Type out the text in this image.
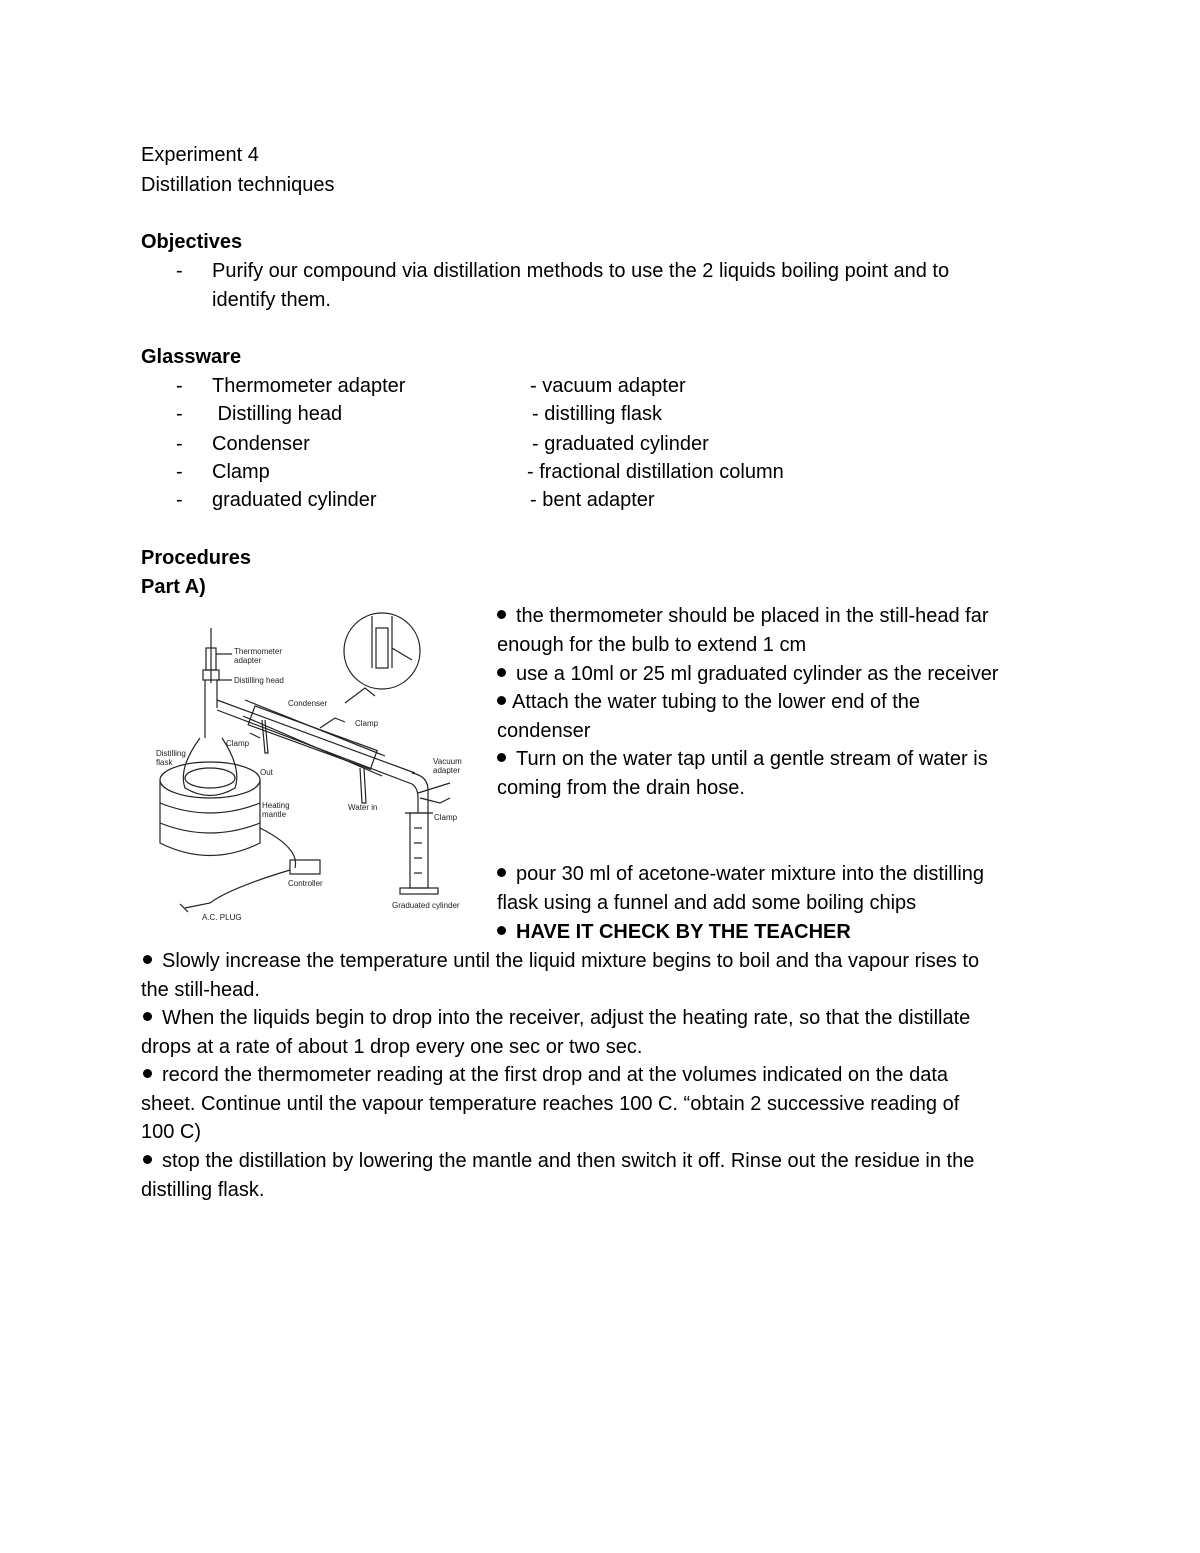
Experiment 4
Distillation techniques
Objectives
- Purify our compound via distillation methods to use the 2 liquids boiling point and to
identify them.
Glassware
- Thermometer adapter	- vacuum adapter
- Distilling head	- distilling flask
- Condenser	- graduated cylinder
- Clamp	- fractional distillation column
- graduated cylinder	- bent adapter
Procedures
Part A)
Thermometer
adapter
Distilling head
Condenser
Clamp
Clamp
Distilling
flask
Out
Vacuum
adapter
Heating
mantle
Water in
Clamp
Controller
A.C. PLUG
Graduated cylinder
the thermometer should be placed in the still-head far
enough for the bulb to extend 1 cm
use a 10ml or 25 ml graduated cylinder as the receiver
Attach the water tubing to the lower end of the
condenser
Turn on the water tap until a gentle stream of water is
coming from the drain hose.
pour 30 ml of acetone-water mixture into the distilling
flask using a funnel and add some boiling chips
HAVE IT CHECK BY THE TEACHER
Slowly increase the temperature until the liquid mixture begins to boil and tha vapour rises to
the still-head.
When the liquids begin to drop into the receiver, adjust the heating rate, so that the distillate
drops at a rate of about 1 drop every one sec or two sec.
record the thermometer reading at the first drop and at the volumes indicated on the data
sheet. Continue until the vapour temperature reaches 100 C. “obtain 2 successive reading of
100 C)
stop the distillation by lowering the mantle and then switch it off. Rinse out the residue in the
distilling flask.
